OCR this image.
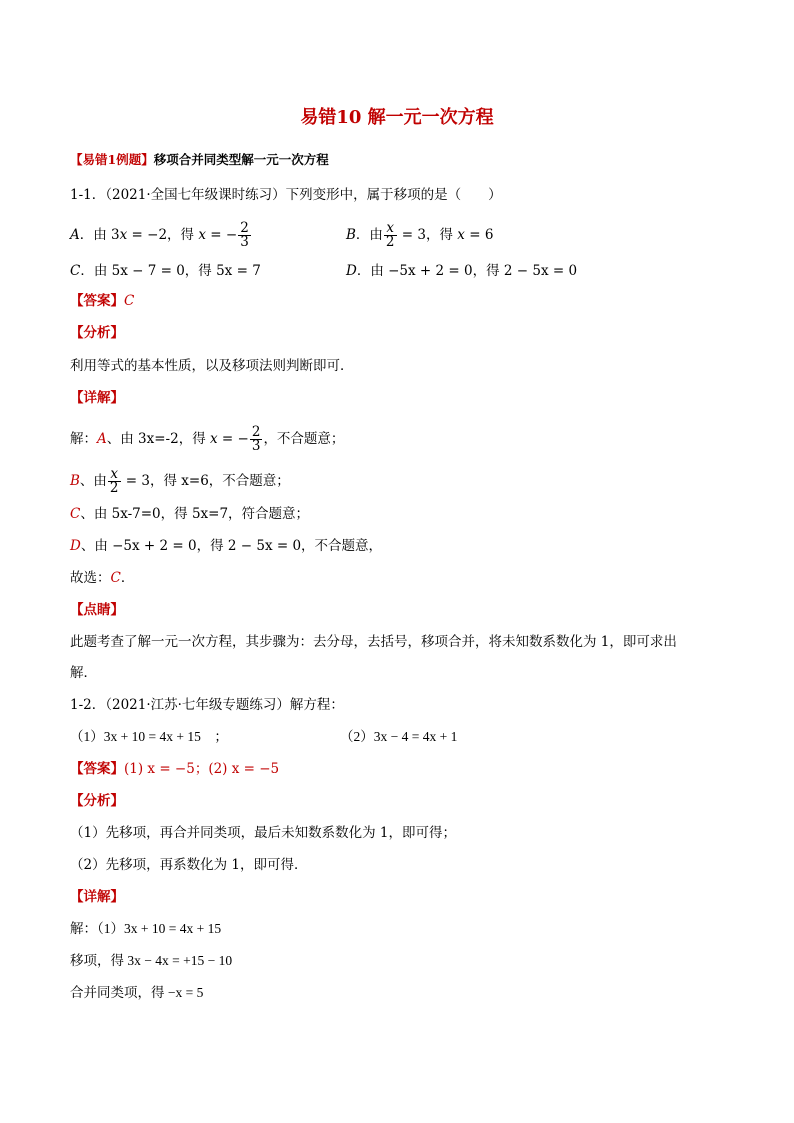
易错10 解一元一次方程
【易错1例题】移项合并同类型解一元一次方程
1-1．（2021·全国七年级课时练习）下列变形中，属于移项的是（　　）
A．由 3x = −2，得 x = − $\frac{2}{3}$	B．由 $\frac{x}{2} = 3$，得 x = 6
C．由 5x − 7 = 0，得 5x = 7	D．由 −5x + 2 = 0，得 2 − 5x = 0
【答案】C
【分析】
利用等式的基本性质，以及移项法则判断即可．
【详解】
解：A、由 3x=-2，得 x = − $\frac{2}{3}$ ，不合题意；
B、由 $\frac{x}{2} = 3$，得 x=6，不合题意；
C、由 5x-7=0，得 5x=7，符合题意；
D、由 −5x + 2 = 0，得 2 − 5x = 0，不合题意，
故选：C．
【点睛】
此题考查了解一元一次方程，其步骤为：去分母，去括号，移项合并，将未知数系数化为 1，即可求出
解．
1-2．（2021·江苏·七年级专题练习）解方程：
（1）3x + 10 = 4x + 15　；	（2）3x − 4 = 4x + 1
【答案】(1) x = −5；(2) x = −5
【分析】
（1）先移项，再合并同类项，最后未知数系数化为 1，即可得；
（2）先移项，再系数化为 1，即可得．
【详解】
解：（1）3x + 10 = 4x + 15
移项，得 3x − 4x = +15 − 10
合并同类项，得 −x = 5
